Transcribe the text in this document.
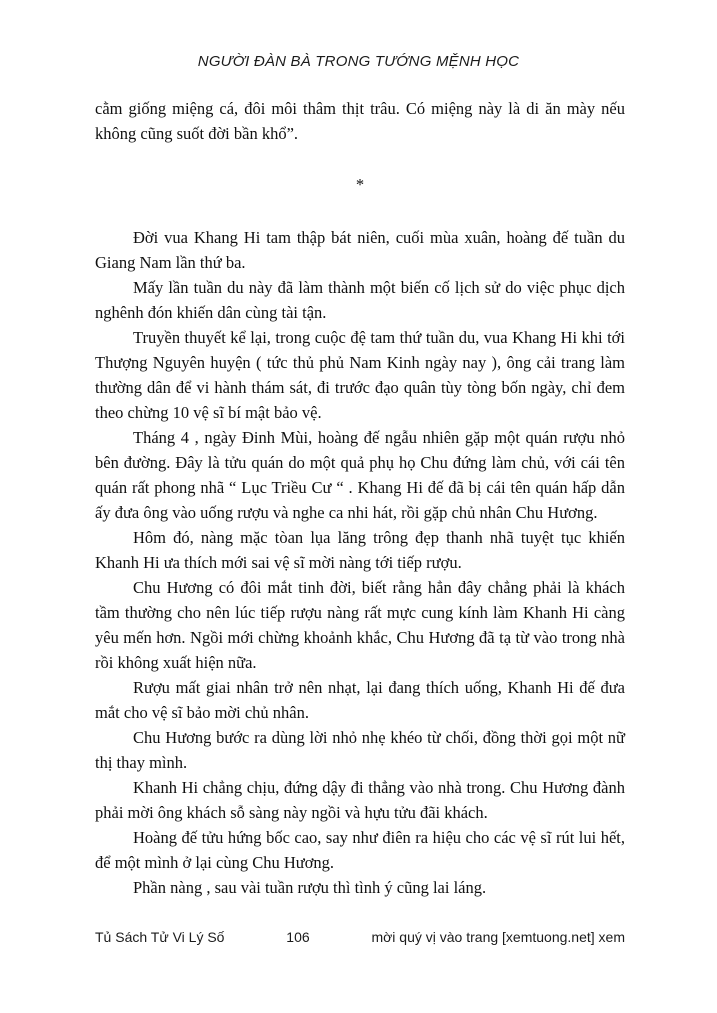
NGƯỜI ĐÀN BÀ TRONG TƯỚNG MỆNH HỌC

cằm giống miệng cá, đôi môi thâm thịt trâu. Có miệng này là di ăn mày nếu không cũng suốt đời bần khổ”.

*

Đời vua Khang Hi tam thập bát niên, cuối mùa xuân, hoàng đế tuần du Giang Nam lần thứ ba.

Mấy lần tuần du này đã làm thành một biến cố lịch sử do việc phục dịch nghênh đón khiến dân cùng tài tận.

Truyền thuyết kể lại, trong cuộc đệ tam thứ tuần du, vua Khang Hi khi tới Thượng Nguyên huyện ( tức thủ phủ Nam Kinh ngày nay ), ông cải trang làm thường dân để vi hành thám sát, đi trước đạo quân tùy tòng bốn ngày, chỉ đem theo chừng 10 vệ sĩ bí mật bảo vệ.

Tháng 4 , ngày Đinh Mùi, hoàng đế ngẫu nhiên gặp một quán rượu nhỏ bên đường. Đây là tửu quán do một quả phụ họ Chu đứng làm chủ, với cái tên quán rất phong nhã “ Lục Triều Cư “ . Khang Hi đế đã bị cái tên quán hấp dẫn ấy đưa ông vào uống rượu và nghe ca nhi hát, rồi gặp chủ nhân Chu Hương.

Hôm đó, nàng mặc tòan lụa lăng trông đẹp thanh nhã tuyệt tục khiến Khanh Hi ưa thích mới sai vệ sĩ mời nàng tới tiếp rượu.

Chu Hương có đôi mắt tinh đời, biết rằng hẳn đây chẳng phải là khách tầm thường cho nên lúc tiếp rượu nàng rất mực cung kính làm Khanh Hi càng yêu mến hơn. Ngồi mới chừng khoảnh khắc, Chu Hương đã tạ từ vào trong nhà rồi không xuất hiện nữa.

Rượu mất giai nhân trở nên nhạt, lại đang thích uống, Khanh Hi đế đưa mắt cho vệ sĩ bảo mời chủ nhân.

Chu Hương bước ra dùng lời nhỏ nhẹ khéo từ chối, đồng thời gọi một nữ thị thay mình.

Khanh Hi chẳng chịu, đứng dậy đi thẳng vào nhà trong. Chu Hương đành phải mời ông khách sỗ sàng này ngồi và hựu tửu đãi khách.

Hoàng đế tửu hứng bốc cao, say như điên ra hiệu cho các vệ sĩ rút lui hết, để một mình ở lại cùng Chu Hương.

Phần nàng , sau vài tuần rượu thì tình ý cũng lai láng.

Tủ Sách Tử Vi Lý Số	106	mời quý vị vào trang [xemtuong.net] xem
